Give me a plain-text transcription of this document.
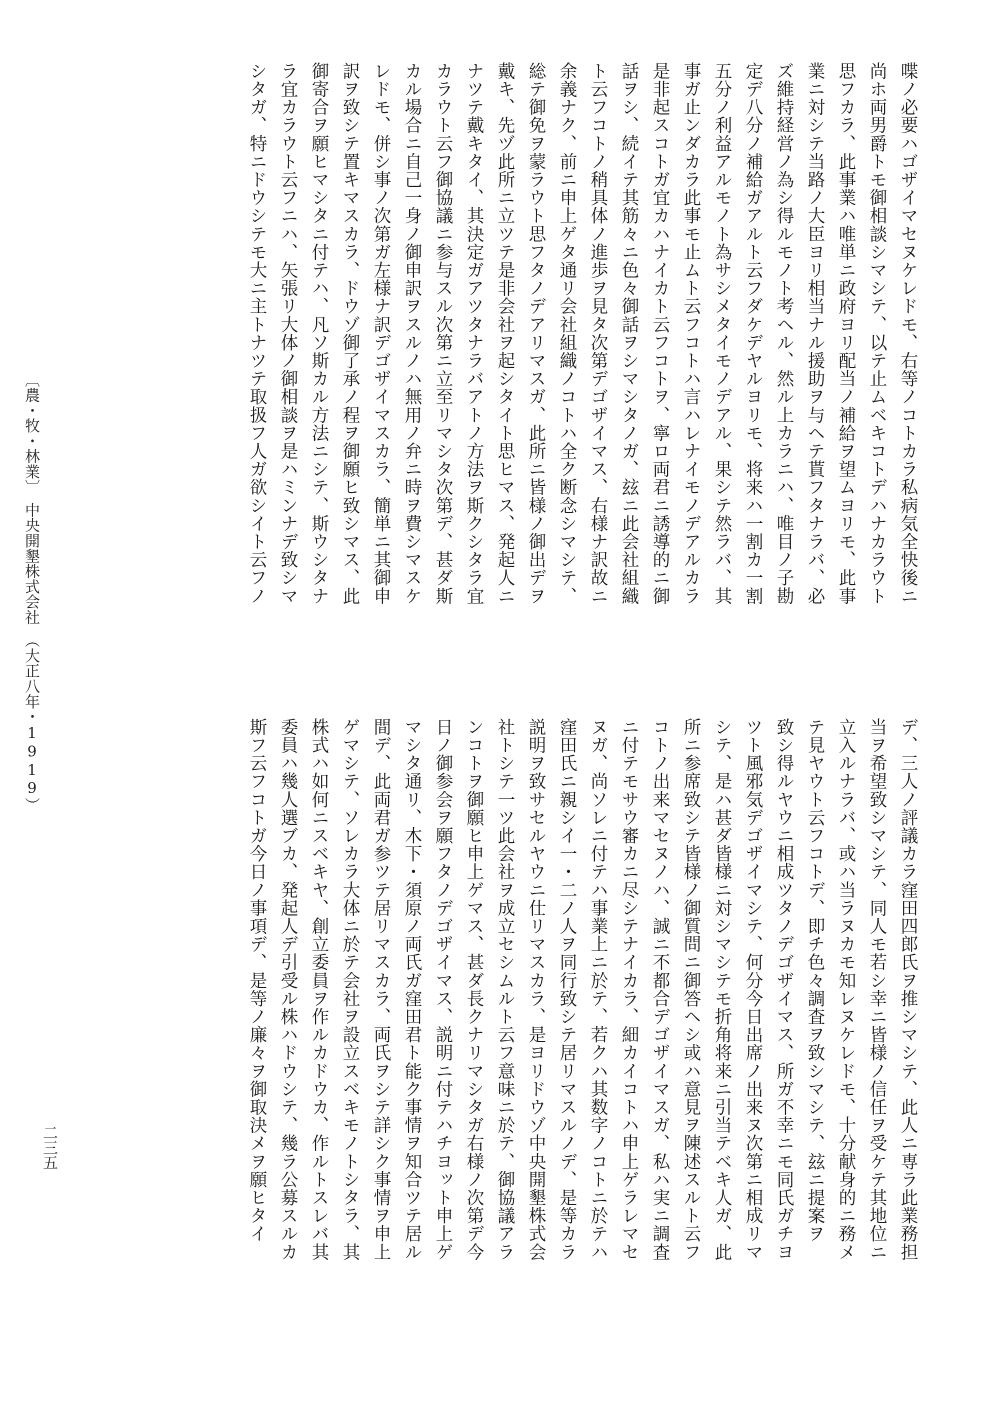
喋ノ必要ハゴザイマセヌケレドモ、右等ノコトカラ私病気全快後ニ
尚ホ両男爵トモ御相談シマシテ、以テ止ムベキコトデハナカラウト
思フカラ、此事業ハ唯単ニ政府ヨリ配当ノ補給ヲ望ムヨリモ、此事
業ニ対シテ当路ノ大臣ヨリ相当ナル援助ヲ与ヘテ貰フタナラバ、必
ズ維持経営ノ為シ得ルモノト考ヘル、然ル上カラニハ、唯目ノ子勘
定デ八分ノ補給ガアルト云フダケデヤルヨリモ、将来ハ一割カ一割
五分ノ利益アルモノト為サシメタイモノデアル、果シテ然ラバ、其
事ガ止ンダカラ此事モ止ムト云フコトハ言ハレナイモノデアルカラ
是非起スコトガ宜カハナイカト云フコトヲ、寧ロ両君ニ誘導的ニ御
話ヲシ、続イテ其筋々ニ色々御話ヲシマシタノガ、玆ニ此会社組織
ト云フコトノ稍具体ノ進歩ヲ見タ次第デゴザイマス、右様ナ訳故ニ
余義ナク、前ニ申上ゲタ通リ会社組織ノコトハ全ク断念シマシテ、
総テ御免ヲ蒙ラウト思フタノデアリマスガ、此所ニ皆様ノ御出デヲ
戴キ、先ヅ此所ニ立ツテ是非会社ヲ起シタイト思ヒマス、発起人ニ
ナツテ戴キタイ、其決定ガアツタナラバアトノ方法ヲ斯クシタラ宜
カラウト云フ御協議ニ参与スル次第ニ立至リマシタ次第デ、甚ダ斯
カル場合ニ自己一身ノ御申訳ヲスルノハ無用ノ弁ニ時ヲ費シマスケ
レドモ、併シ事ノ次第ガ左様ナ訳デゴザイマスカラ、簡単ニ其御申
訳ヲ致シテ置キマスカラ、ドウゾ御了承ノ程ヲ御願ヒ致シマス、此
御寄合ヲ願ヒマシタニ付テハ、凡ソ斯カル方法ニシテ、斯ウシタナ
ラ宜カラウト云フニハ、矢張リ大体ノ御相談ヲ是ハミンナデ致シマ
シタガ、特ニドウシテモ大ニ主トナツテ取扱フ人ガ欲シイト云フノ
デ、三人ノ評議カラ窪田四郎氏ヲ推シマシテ、此人ニ専ラ此業務担
当ヲ希望致シマシテ、同人モ若シ幸ニ皆様ノ信任ヲ受ケテ其地位ニ
立入ルナラバ、或ハ当ラヌカモ知レヌケレドモ、十分献身的ニ務メ
テ見ヤウト云フコトデ、即チ色々調査ヲ致シマシテ、玆ニ提案ヲ
致シ得ルヤウニ相成ツタノデゴザイマス、所ガ不幸ニモ同氏ガチヨ
ツト風邪気デゴザイマシテ、何分今日出席ノ出来ヌ次第ニ相成リマ
シテ、是ハ甚ダ皆様ニ対シマシテモ折角将来ニ引当テベキ人ガ、此
所ニ参席致シテ皆様ノ御質問ニ御答ヘシ或ハ意見ヲ陳述スルト云フ
コトノ出来マセヌノハ、誠ニ不都合デゴザイマスガ、私ハ実ニ調査
ニ付テモサウ審カニ尽シテナイカラ、細カイコトハ申上ゲラレマセ
ヌガ、尚ソレニ付テハ事業上ニ於テ、若クハ其数字ノコトニ於テハ
窪田氏ニ親シイ一・二ノ人ヲ同行致シテ居リマスルノデ、是等カラ
説明ヲ致サセルヤウニ仕リマスカラ、是ヨリドウゾ中央開墾株式会
社トシテ一ツ此会社ヲ成立セシムルト云フ意味ニ於テ、御協議アラ
ンコトヲ御願ヒ申上ゲマス、甚ダ長クナリマシタガ右様ノ次第デ今
日ノ御参会ヲ願フタノデゴザイマス、説明ニ付テハチヨット申上ゲ
マシタ通リ、木下・須原ノ両氏ガ窪田君ト能ク事情ヲ知合ツテ居ル
間デ、此両君ガ参ツテ居リマスカラ、両氏ヲシテ詳シク事情ヲ申上
ゲマシテ、ソレカラ大体ニ於テ会社ヲ設立スベキモノトシタラ、其
株式ハ如何ニスベキヤ、創立委員ヲ作ルカドウカ、作ルトスレバ其
委員ハ幾人選ブカ、発起人デ引受ル株ハドウシテ、幾ラ公募スルカ
斯フ云フコトガ今日ノ事項デ、是等ノ廉々ヲ御取決メヲ願ヒタイ
〔農・牧・林業〕　中央開墾株式会社　（大正八年・1919）
二三五
